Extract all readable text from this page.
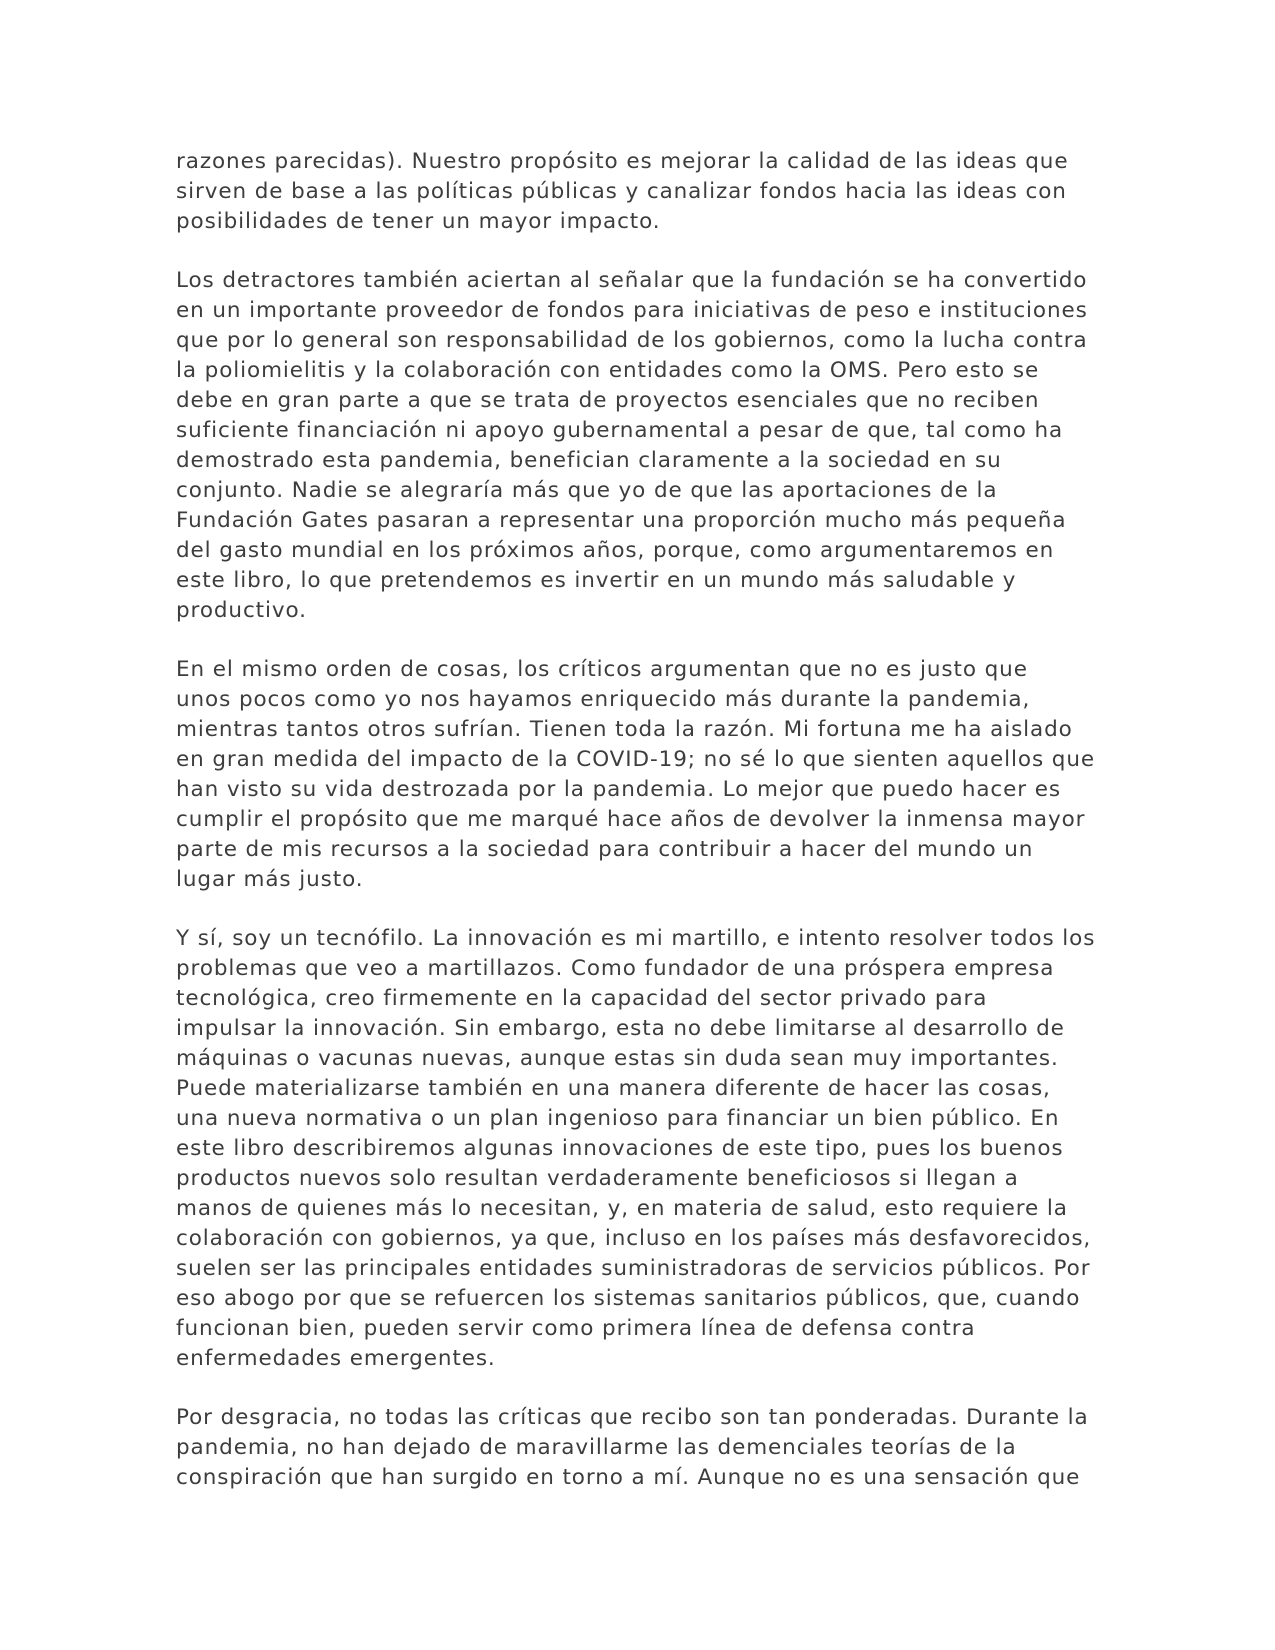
razones parecidas). Nuestro propósito es mejorar la calidad de las ideas que
sirven de base a las políticas públicas y canalizar fondos hacia las ideas con
posibilidades de tener un mayor impacto.

Los detractores también aciertan al señalar que la fundación se ha convertido
en un importante proveedor de fondos para iniciativas de peso e instituciones
que por lo general son responsabilidad de los gobiernos, como la lucha contra
la poliomielitis y la colaboración con entidades como la OMS. Pero esto se
debe en gran parte a que se trata de proyectos esenciales que no reciben
suficiente financiación ni apoyo gubernamental a pesar de que, tal como ha
demostrado esta pandemia, benefician claramente a la sociedad en su
conjunto. Nadie se alegraría más que yo de que las aportaciones de la
Fundación Gates pasaran a representar una proporción mucho más pequeña
del gasto mundial en los próximos años, porque, como argumentaremos en
este libro, lo que pretendemos es invertir en un mundo más saludable y
productivo.

En el mismo orden de cosas, los críticos argumentan que no es justo que
unos pocos como yo nos hayamos enriquecido más durante la pandemia,
mientras tantos otros sufrían. Tienen toda la razón. Mi fortuna me ha aislado
en gran medida del impacto de la COVID-19; no sé lo que sienten aquellos que
han visto su vida destrozada por la pandemia. Lo mejor que puedo hacer es
cumplir el propósito que me marqué hace años de devolver la inmensa mayor
parte de mis recursos a la sociedad para contribuir a hacer del mundo un
lugar más justo.

Y sí, soy un tecnófilo. La innovación es mi martillo, e intento resolver todos los
problemas que veo a martillazos. Como fundador de una próspera empresa
tecnológica, creo firmemente en la capacidad del sector privado para
impulsar la innovación. Sin embargo, esta no debe limitarse al desarrollo de
máquinas o vacunas nuevas, aunque estas sin duda sean muy importantes.
Puede materializarse también en una manera diferente de hacer las cosas,
una nueva normativa o un plan ingenioso para financiar un bien público. En
este libro describiremos algunas innovaciones de este tipo, pues los buenos
productos nuevos solo resultan verdaderamente beneficiosos si llegan a
manos de quienes más lo necesitan, y, en materia de salud, esto requiere la
colaboración con gobiernos, ya que, incluso en los países más desfavorecidos,
suelen ser las principales entidades suministradoras de servicios públicos. Por
eso abogo por que se refuercen los sistemas sanitarios públicos, que, cuando
funcionan bien, pueden servir como primera línea de defensa contra
enfermedades emergentes.

Por desgracia, no todas las críticas que recibo son tan ponderadas. Durante la
pandemia, no han dejado de maravillarme las demenciales teorías de la
conspiración que han surgido en torno a mí. Aunque no es una sensación que
